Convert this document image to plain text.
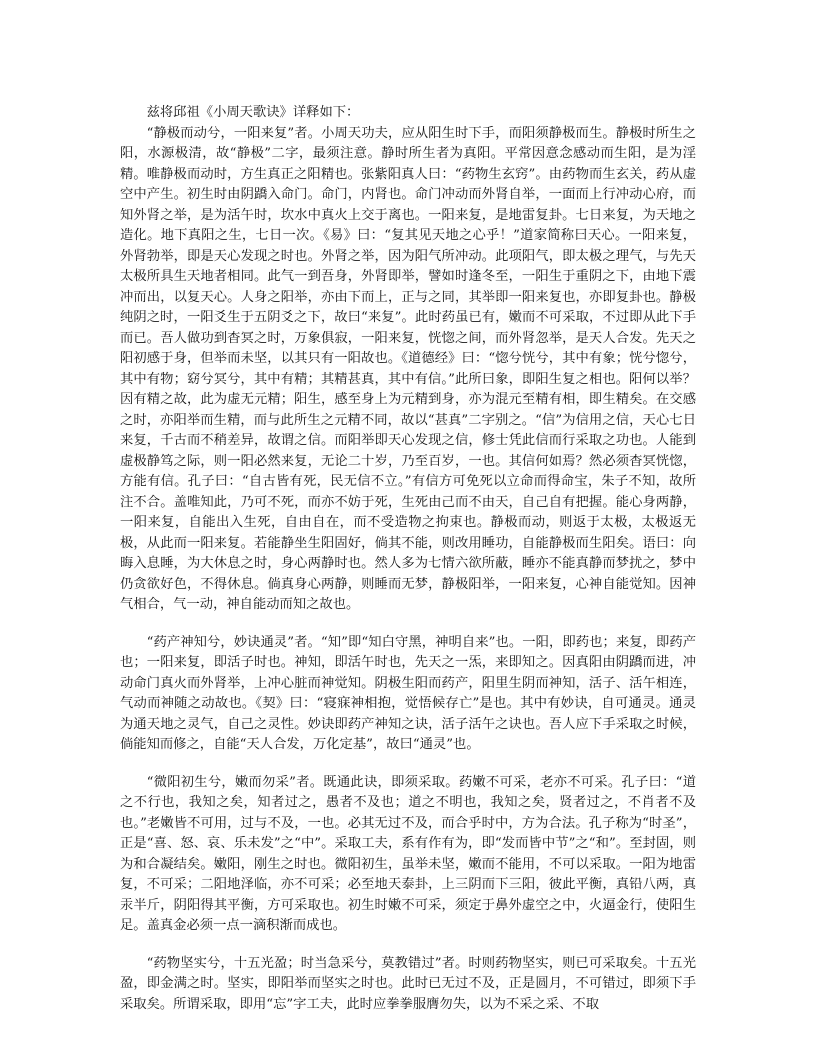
兹将邱祖《小周天歌诀》详释如下：

“静极而动兮，一阳来复”者。小周天功夫，应从阳生时下手，而阳须静极而生。静极时所生之阳，水源极清，故“静极”二字，最须注意。静时所生者为真阳。平常因意念感动而生阳，是为淫精。唯静极而动时，方生真正之阳精也。张紫阳真人曰：“药物生玄窍”。由药物而生玄关，药从虚空中产生。初生时由阴蹻入命门。命门，内肾也。命门冲动而外肾自举，一面而上行冲动心府，而知外肾之举，是为活午时，坎水中真火上交于离也。一阳来复，是地雷复卦。七日来复，为天地之造化。地下真阳之生，七日一次。《易》曰：“复其见天地之心乎！”道家简称曰天心。一阳来复，外肾勃举，即是天心发现之时也。外肾之举，因为阳气所冲动。此项阳气，即太极之理气，与先天太极所具生天地者相同。此气一到吾身，外肾即举，譬如时逢冬至，一阳生于重阴之下，由地下震冲而出，以复天心。人身之阳举，亦由下而上，正与之同，其举即一阳来复也，亦即复卦也。静极纯阴之时，一阳爻生于五阴爻之下，故曰“来复”。此时药虽已有，嫩而不可采取，不过即从此下手而已。吾人做功到杳冥之时，万象俱寂，一阳来复，恍惚之间，而外肾忽举，是天人合发。先天之阳初感于身，但举而未坚，以其只有一阳故也。《道德经》曰：“惚兮恍兮，其中有象；恍兮惚兮，其中有物；窈兮冥兮，其中有精；其精甚真，其中有信。”此所曰象，即阳生复之相也。阳何以举？因有精之故，此为虚无元精；阳生，感至身上为元精到身，亦为混元至精有相，即生精矣。在交感之时，亦阳举而生精，而与此所生之元精不同，故以“甚真”二字别之。“信”为信用之信，天心七日来复，千古而不稍差异，故谓之信。而阳举即天心发现之信，修士凭此信而行采取之功也。人能到虚极静笃之际，则一阳必然来复，无论二十岁，乃至百岁，一也。其信何如焉？然必须杳冥恍惚，方能有信。孔子曰：“自古皆有死，民无信不立。”有信方可免死以立命而得命宝，朱子不知，故所注不合。盖唯知此，乃可不死，而亦不妨于死，生死由己而不由天，自己自有把握。能心身两静，一阳来复，自能出入生死，自由自在，而不受造物之拘束也。静极而动，则返于太极，太极返无极，从此而一阳来复。若能静坐生阳固好，倘其不能，则改用睡功，自能静极而生阳矣。语曰：向晦入息睡，为大休息之时，身心两静时也。然人多为七情六欲所蔽，睡亦不能真静而梦扰之，梦中仍贪欲好色，不得休息。倘真身心两静，则睡而无梦，静极阳举，一阳来复，心神自能觉知。因神气相合，气一动，神自能动而知之故也。

“药产神知兮，妙诀通灵”者。“知”即“知白守黑，神明自来”也。一阳，即药也；来复，即药产也；一阳来复，即活子时也。神知，即活午时也，先天之一炁，来即知之。因真阳由阴蹻而进，冲动命门真火而外肾举，上冲心脏而神觉知。阴极生阳而药产，阳里生阴而神知，活子、活午相连，气动而神随之动故也。《契》曰：“寝寐神相抱，觉悟候存亡”是也。其中有妙诀，自可通灵。通灵为通天地之灵气，自己之灵性。妙诀即药产神知之诀，活子活午之诀也。吾人应下手采取之时候，倘能知而修之，自能“天人合发，万化定基”，故曰“通灵”也。

“微阳初生兮，嫩而勿采”者。既通此诀，即须采取。药嫩不可采，老亦不可采。孔子曰：“道之不行也，我知之矣，知者过之，愚者不及也；道之不明也，我知之矣，贤者过之，不肖者不及也。”老嫩皆不可用，过与不及，一也。必其无过不及，而合乎时中，方为合法。孔子称为“时圣”，正是“喜、怒、哀、乐未发”之“中”。采取工夫，系有作有为，即“发而皆中节”之“和”。至封固，则为和合凝结矣。嫩阳，刚生之时也。微阳初生，虽举未坚，嫩而不能用，不可以采取。一阳为地雷复，不可采；二阳地泽临，亦不可采；必至地天泰卦，上三阴而下三阳，彼此平衡，真铅八两，真汞半斤，阴阳得其平衡，方可采取也。初生时嫩不可采，须定于鼻外虚空之中，火逼金行，使阳生足。盖真金必须一点一滴积渐而成也。

“药物坚实兮，十五光盈；时当急采兮，莫教错过”者。时则药物坚实，则已可采取矣。十五光盈，即金满之时。坚实，即阳举而坚实之时也。此时已无过不及，正是圆月，不可错过，即须下手采取矣。所谓采取，即用“忘”字工夫，此时应拳拳服膺勿失，以为不采之采、不取
